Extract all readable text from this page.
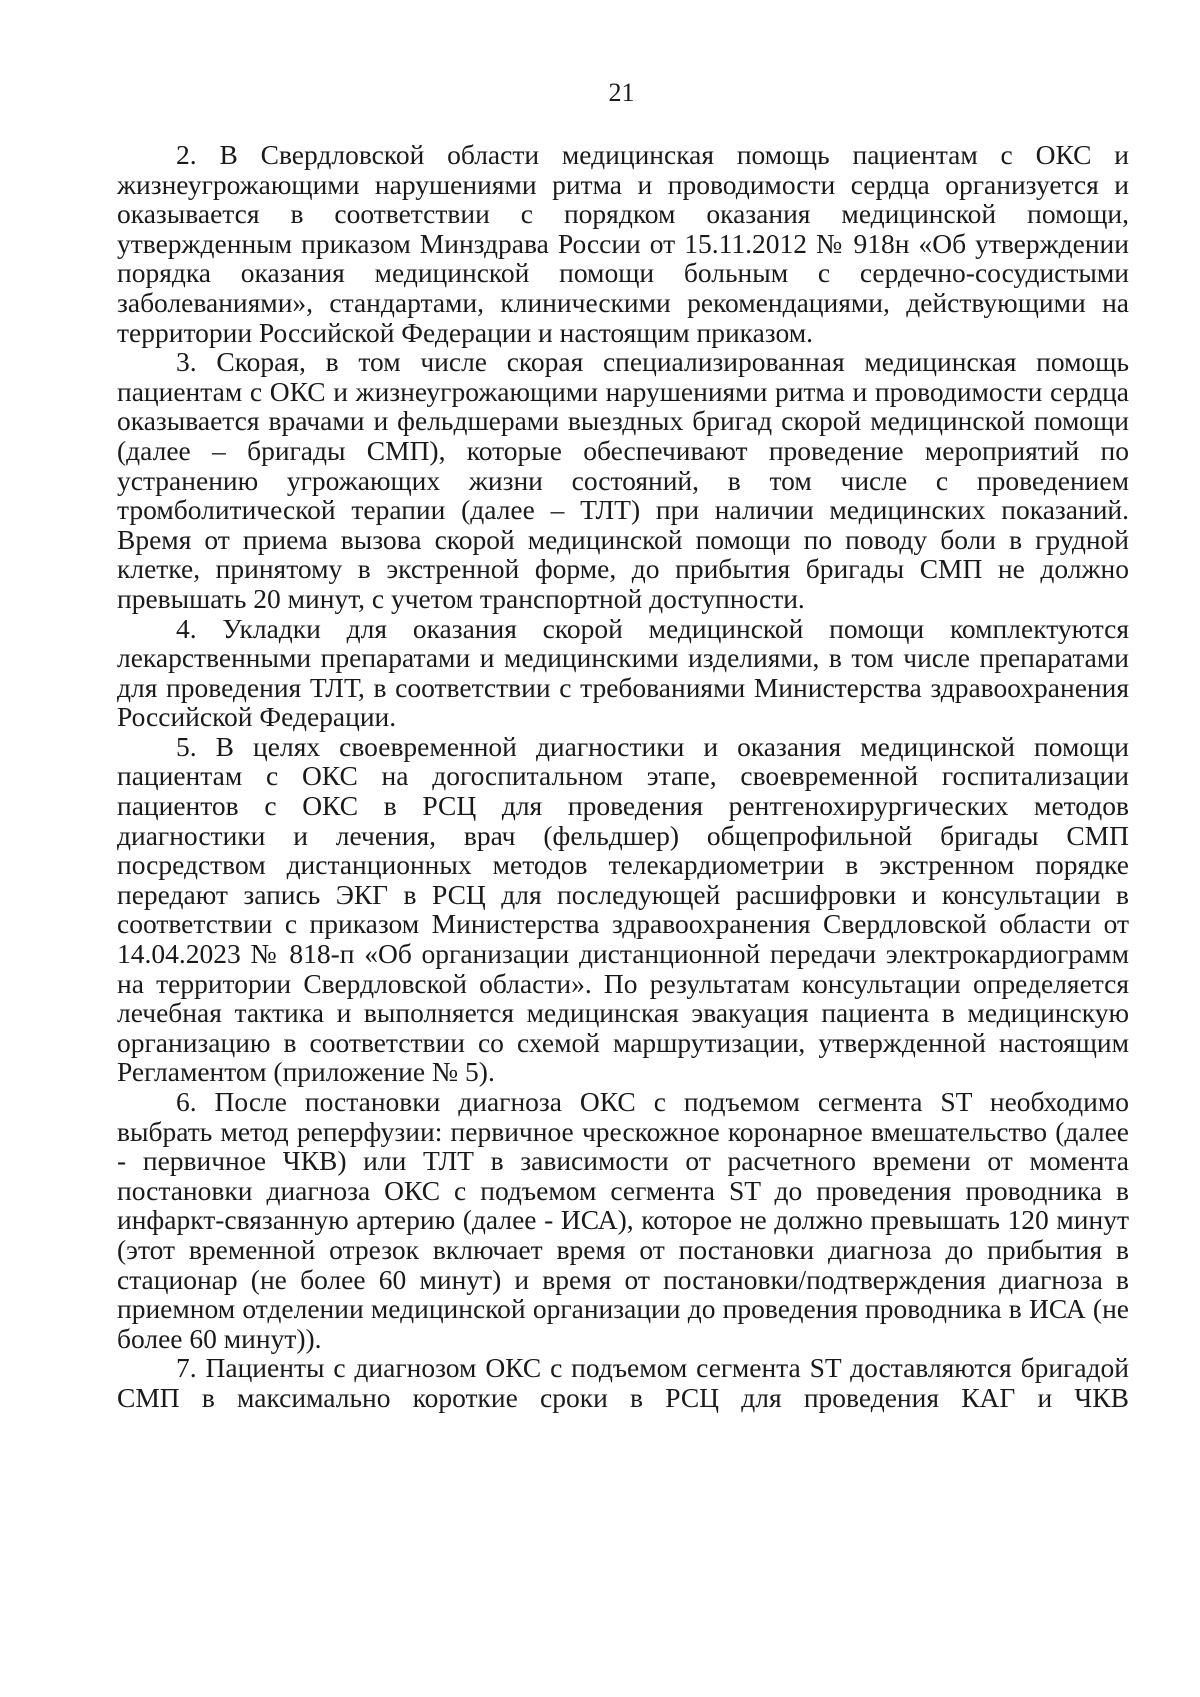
21

2. В Свердловской области медицинская помощь пациентам с ОКС и жизнеугрожающими нарушениями ритма и проводимости сердца организуется и оказывается в соответствии с порядком оказания медицинской помощи, утвержденным приказом Минздрава России от 15.11.2012 № 918н «Об утверждении порядка оказания медицинской помощи больным с сердечно-сосудистыми заболеваниями», стандартами, клиническими рекомендациями, действующими на территории Российской Федерации и настоящим приказом.

3. Скорая, в том числе скорая специализированная медицинская помощь пациентам с ОКС и жизнеугрожающими нарушениями ритма и проводимости сердца оказывается врачами и фельдшерами выездных бригад скорой медицинской помощи (далее – бригады СМП), которые обеспечивают проведение мероприятий по устранению угрожающих жизни состояний, в том числе с проведением тромболитической терапии (далее – ТЛТ) при наличии медицинских показаний. Время от приема вызова скорой медицинской помощи по поводу боли в грудной клетке, принятому в экстренной форме, до прибытия бригады СМП не должно превышать 20 минут, с учетом транспортной доступности.

4. Укладки для оказания скорой медицинской помощи комплектуются лекарственными препаратами и медицинскими изделиями, в том числе препаратами для проведения ТЛТ, в соответствии с требованиями Министерства здравоохранения Российской Федерации.

5. В целях своевременной диагностики и оказания медицинской помощи пациентам с ОКС на догоспитальном этапе, своевременной госпитализации пациентов с ОКС в РСЦ для проведения рентгенохирургических методов диагностики и лечения, врач (фельдшер) общепрофильной бригады СМП посредством дистанционных методов телекардиометрии в экстренном порядке передают запись ЭКГ в РСЦ для последующей расшифровки и консультации в соответствии с приказом Министерства здравоохранения Свердловской области от 14.04.2023 № 818-п «Об организации дистанционной передачи электрокардиограмм на территории Свердловской области». По результатам консультации определяется лечебная тактика и выполняется медицинская эвакуация пациента в медицинскую организацию в соответствии со схемой маршрутизации, утвержденной настоящим Регламентом (приложение № 5).

6. После постановки диагноза ОКС с подъемом сегмента ST необходимо выбрать метод реперфузии: первичное чрескожное коронарное вмешательство (далее - первичное ЧКВ) или ТЛТ в зависимости от расчетного времени от момента постановки диагноза ОКС с подъемом сегмента ST до проведения проводника в инфаркт-связанную артерию (далее - ИСА), которое не должно превышать 120 минут (этот временной отрезок включает время от постановки диагноза до прибытия в стационар (не более 60 минут) и время от постановки/подтверждения диагноза в приемном отделении медицинской организации до проведения проводника в ИСА (не более 60 минут)).

7. Пациенты с диагнозом ОКС с подъемом сегмента ST доставляются бригадой СМП в максимально короткие сроки в РСЦ для проведения КАГ и ЧКВ
